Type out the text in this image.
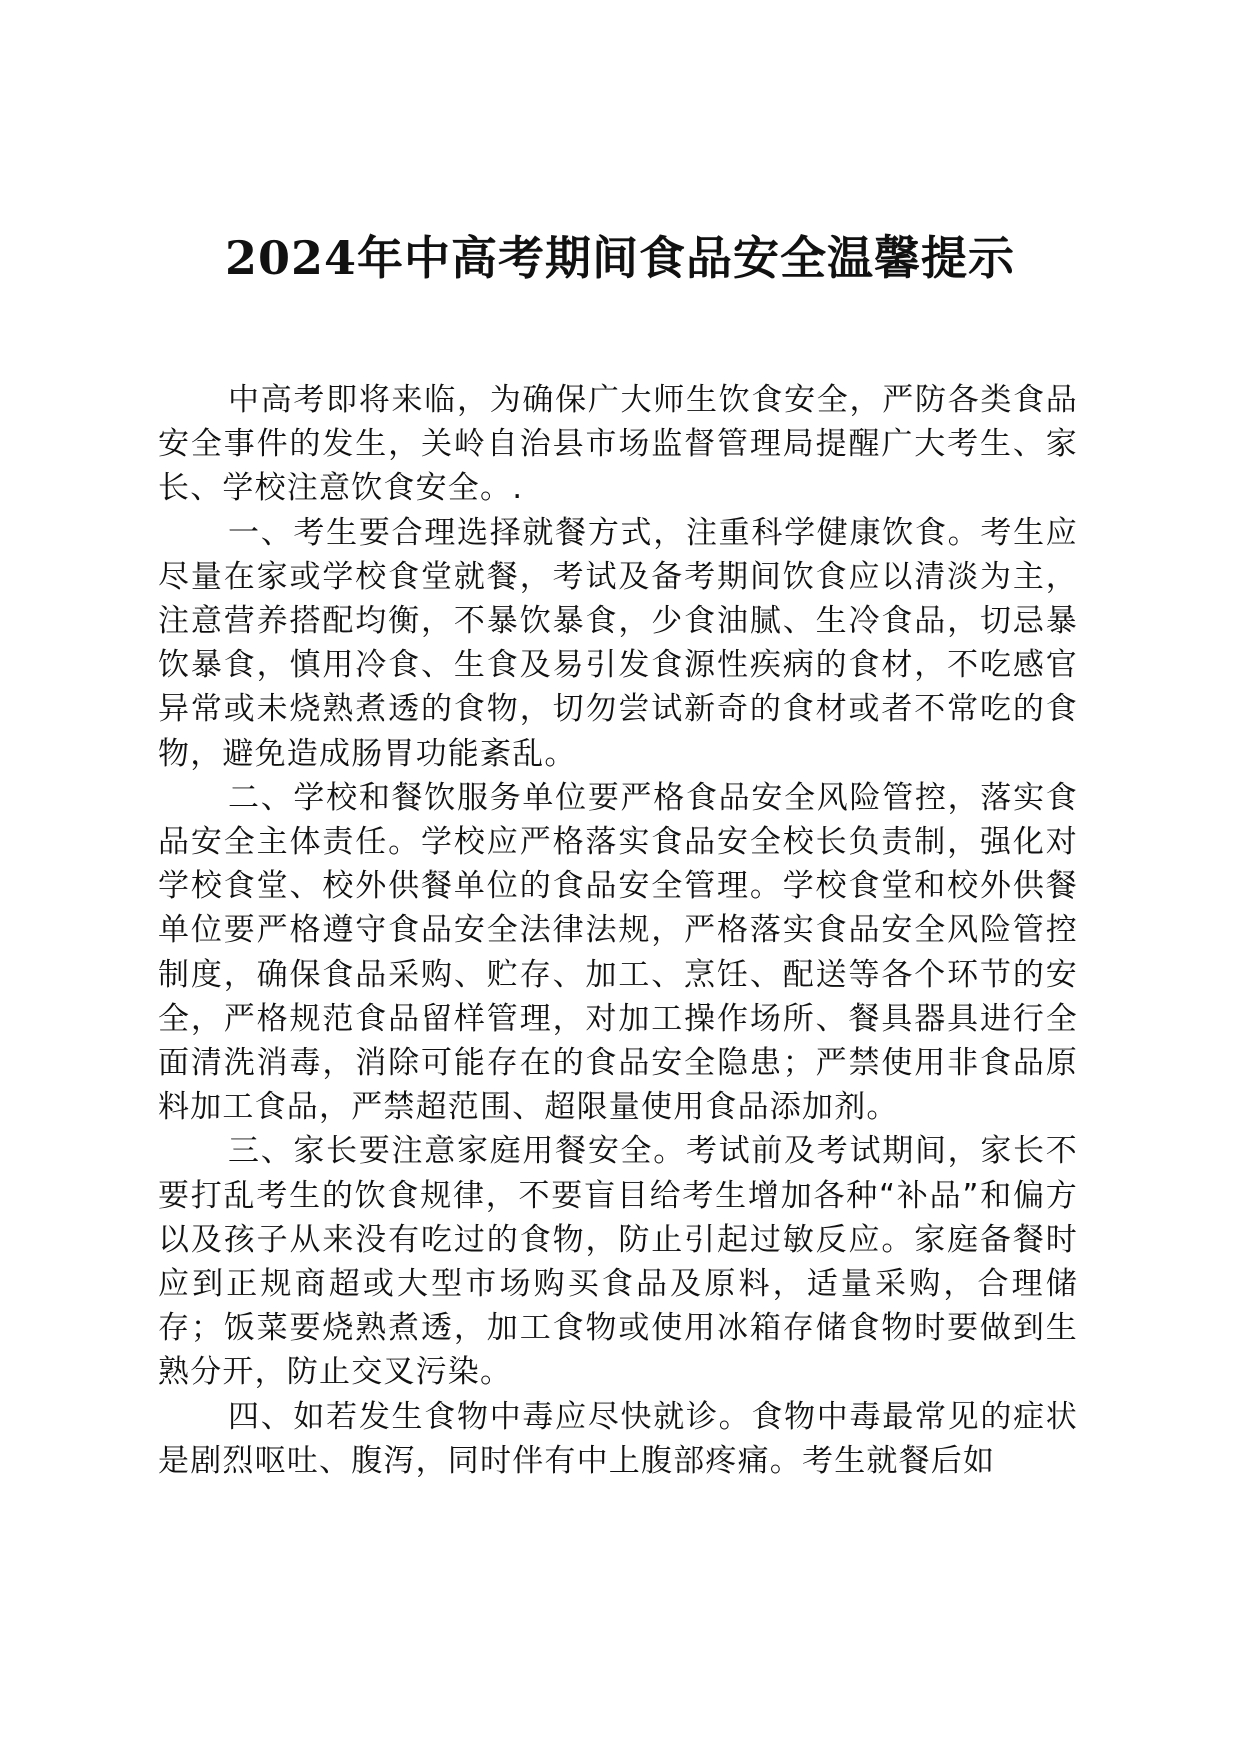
2024年中高考期间食品安全温馨提示

中高考即将来临，为确保广大师生饮食安全，严防各类食品安全事件的发生，关岭自治县市场监督管理局提醒广大考生、家长、学校注意饮食安全。.

一、考生要合理选择就餐方式，注重科学健康饮食。考生应尽量在家或学校食堂就餐，考试及备考期间饮食应以清淡为主，注意营养搭配均衡，不暴饮暴食，少食油腻、生冷食品，切忌暴饮暴食，慎用冷食、生食及易引发食源性疾病的食材，不吃感官异常或未烧熟煮透的食物，切勿尝试新奇的食材或者不常吃的食物，避免造成肠胃功能紊乱。

二、学校和餐饮服务单位要严格食品安全风险管控，落实食品安全主体责任。学校应严格落实食品安全校长负责制，强化对学校食堂、校外供餐单位的食品安全管理。学校食堂和校外供餐单位要严格遵守食品安全法律法规，严格落实食品安全风险管控制度，确保食品采购、贮存、加工、烹饪、配送等各个环节的安全，严格规范食品留样管理，对加工操作场所、餐具器具进行全面清洗消毒，消除可能存在的食品安全隐患；严禁使用非食品原料加工食品，严禁超范围、超限量使用食品添加剂。

三、家长要注意家庭用餐安全。考试前及考试期间，家长不要打乱考生的饮食规律，不要盲目给考生增加各种“补品”和偏方以及孩子从来没有吃过的食物，防止引起过敏反应。家庭备餐时应到正规商超或大型市场购买食品及原料，适量采购，合理储存；饭菜要烧熟煮透，加工食物或使用冰箱存储食物时要做到生熟分开，防止交叉污染。

四、如若发生食物中毒应尽快就诊。食物中毒最常见的症状是剧烈呕吐、腹泻，同时伴有中上腹部疼痛。考生就餐后如
